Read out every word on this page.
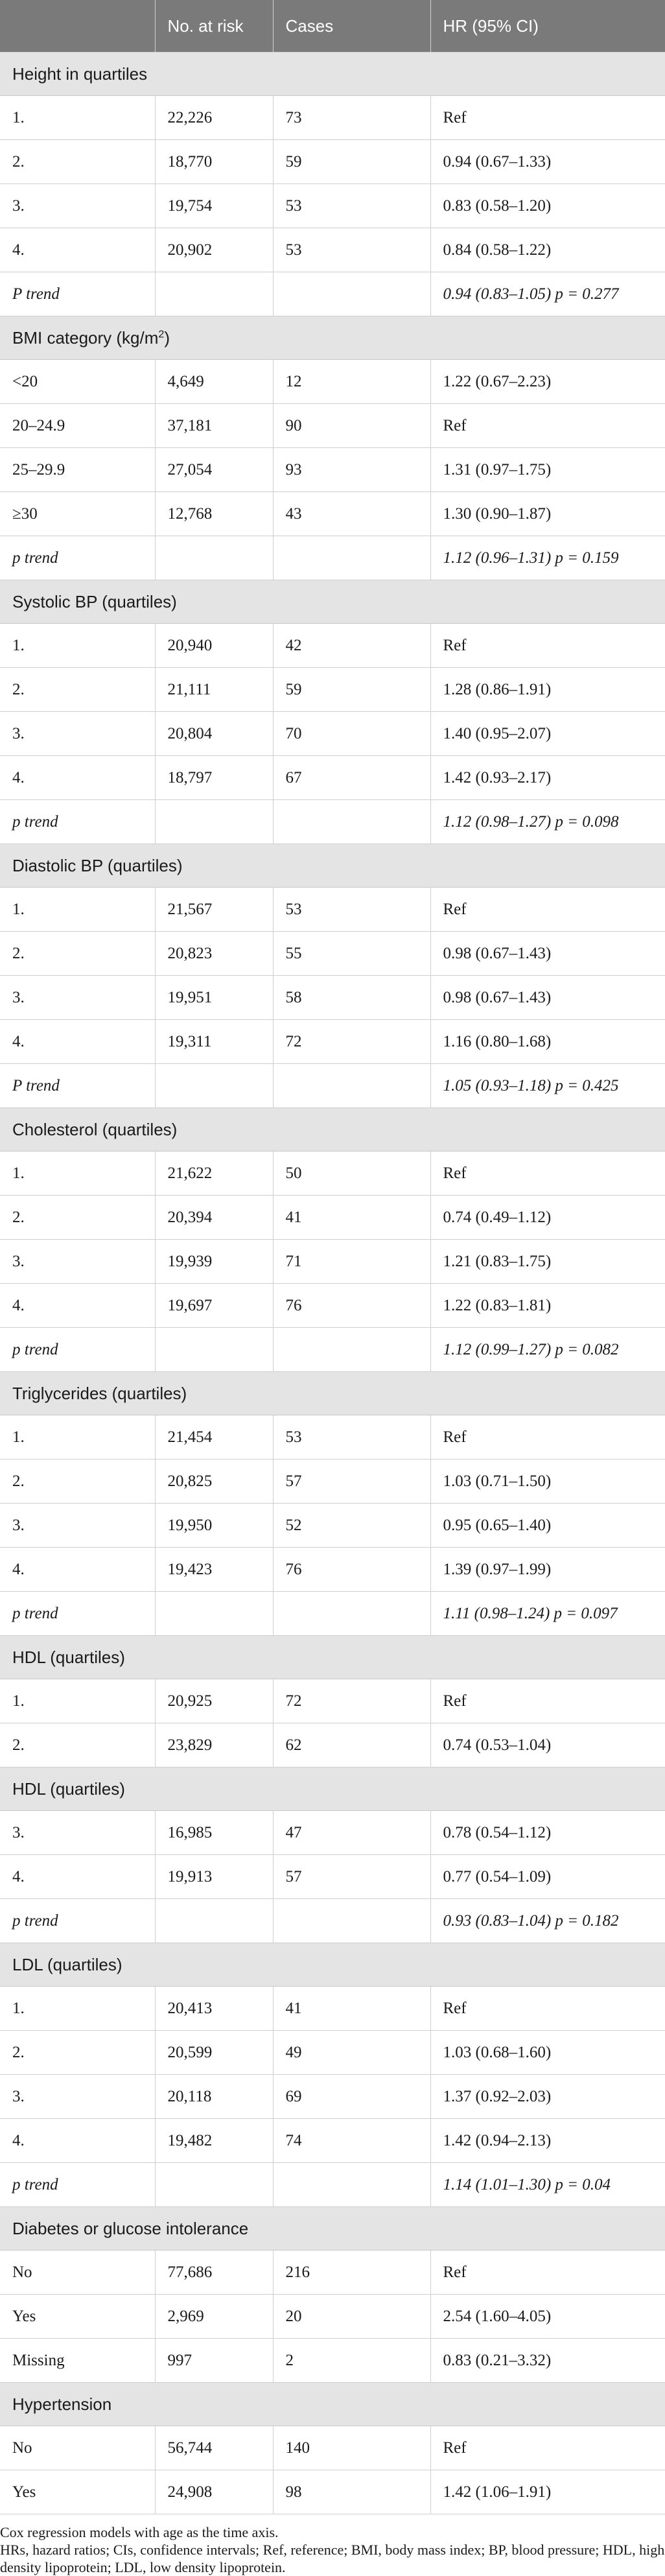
	No. at risk	Cases	HR (95% CI)
Height in quartiles			
1.	22,226	73	Ref
2.	18,770	59	0.94 (0.67–1.33)
3.	19,754	53	0.83 (0.58–1.20)
4.	20,902	53	0.84 (0.58–1.22)
P trend			0.94 (0.83–1.05) p = 0.277
BMI category $(kg/m^2)$			
<20	4,649	12	1.22 (0.67–2.23)
20–24.9	37,181	90	Ref
25–29.9	27,054	93	1.31 (0.97–1.75)
≥30	12,768	43	1.30 (0.90–1.87)
p trend			1.12 (0.96–1.31) p = 0.159
Systolic BP (quartiles)			
1.	20,940	42	Ref
2.	21,111	59	1.28 (0.86–1.91)
3.	20,804	70	1.40 (0.95–2.07)
4.	18,797	67	1.42 (0.93–2.17)
p trend			1.12 (0.98–1.27) p = 0.098
Diastolic BP (quartiles)			
1.	21,567	53	Ref
2.	20,823	55	0.98 (0.67–1.43)
3.	19,951	58	0.98 (0.67–1.43)
4.	19,311	72	1.16 (0.80–1.68)
P trend			1.05 (0.93–1.18) p = 0.425
Cholesterol (quartiles)			
1.	21,622	50	Ref
2.	20,394	41	0.74 (0.49–1.12)
3.	19,939	71	1.21 (0.83–1.75)
4.	19,697	76	1.22 (0.83–1.81)
p trend			1.12 (0.99–1.27) p = 0.082
Triglycerides (quartiles)			
1.	21,454	53	Ref
2.	20,825	57	1.03 (0.71–1.50)
3.	19,950	52	0.95 (0.65–1.40)
4.	19,423	76	1.39 (0.97–1.99)
p trend			1.11 (0.98–1.24) p = 0.097
HDL (quartiles)			
1.	20,925	72	Ref
2.	23,829	62	0.74 (0.53–1.04)
HDL (quartiles)			
3.	16,985	47	0.78 (0.54–1.12)
4.	19,913	57	0.77 (0.54–1.09)
p trend			0.93 (0.83–1.04) p = 0.182
LDL (quartiles)			
1.	20,413	41	Ref
2.	20,599	49	1.03 (0.68–1.60)
3.	20,118	69	1.37 (0.92–2.03)
4.	19,482	74	1.42 (0.94–2.13)
p trend			1.14 (1.01–1.30) p = 0.04
Diabetes or glucose intolerance			
No	77,686	216	Ref
Yes	2,969	20	2.54 (1.60–4.05)
Missing	997	2	0.83 (0.21–3.32)
Hypertension			
No	56,744	140	Ref
Yes	24,908	98	1.42 (1.06–1.91)

Cox regression models with age as the time axis.

HRs, hazard ratios; CIs, confidence intervals; Ref, reference; BMI, body mass index; BP, blood pressure; HDL, high density lipoprotein; LDL, low density lipoprotein.
